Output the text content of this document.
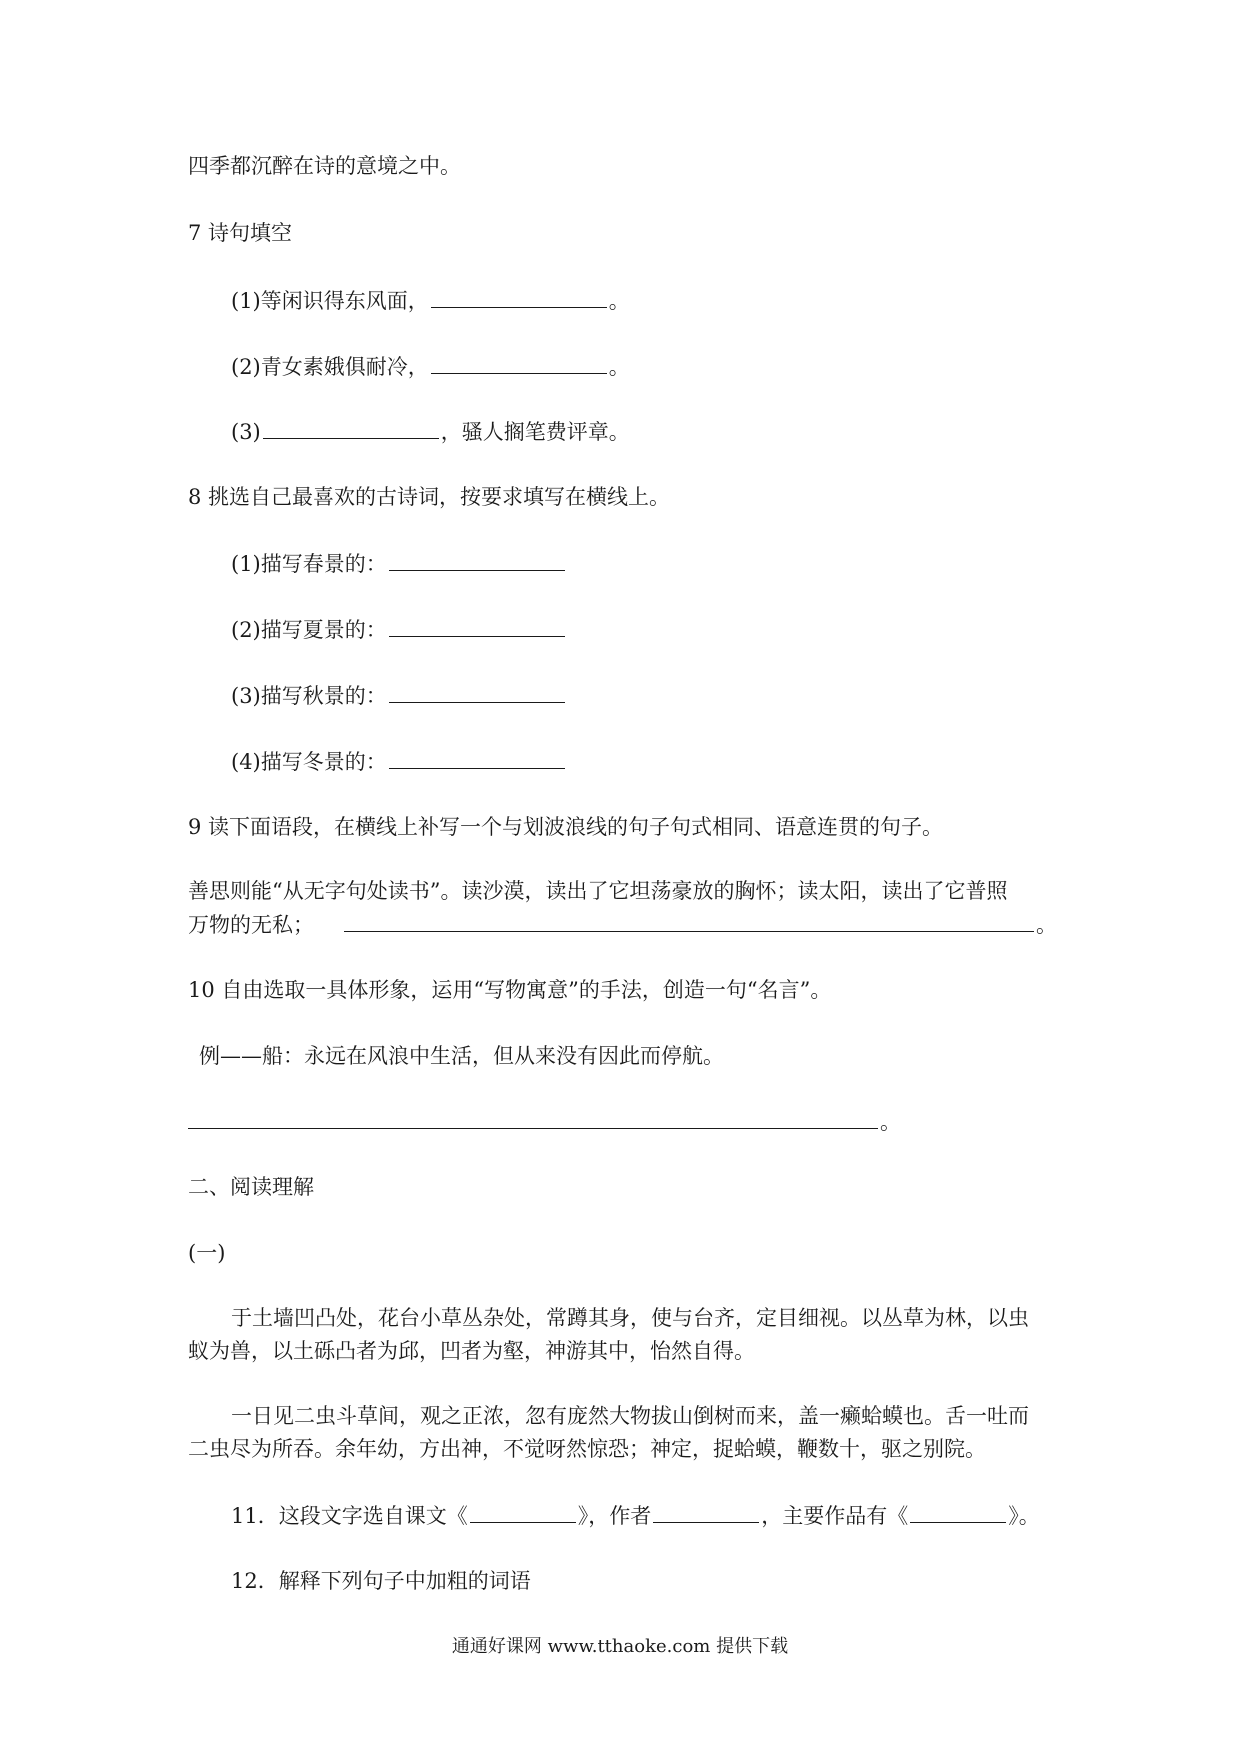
四季都沉醉在诗的意境之中。

7 诗句填空

(1)等闲识得东风面，	。

(2)青女素娥俱耐冷，	。

(3)	，骚人搁笔费评章。

8 挑选自己最喜欢的古诗词，按要求填写在横线上。

(1)描写春景的：

(2)描写夏景的：

(3)描写秋景的：

(4)描写冬景的：

9 读下面语段，在横线上补写一个与划波浪线的句子句式相同、语意连贯的句子。

善思则能“从无字句处读书”。读沙漠，读出了它坦荡豪放的胸怀；读太阳，读出了它普照

万物的无私；	。

10 自由选取一具体形象，运用“写物寓意”的手法，创造一句“名言”。

例——船：永远在风浪中生活，但从来没有因此而停航。

。

二、阅读理解

(一)

于土墙凹凸处，花台小草丛杂处，常蹲其身，使与台齐，定目细视。以丛草为林，以虫

蚁为兽，以土砾凸者为邱，凹者为壑，神游其中，怡然自得。

一日见二虫斗草间，观之正浓，忽有庞然大物拔山倒树而来，盖一癞蛤蟆也。舌一吐而

二虫尽为所吞。余年幼，方出神，不觉呀然惊恐；神定，捉蛤蟆，鞭数十，驱之别院。

11．这段文字选自课文《	》，作者	，主要作品有《	》。

12．解释下列句子中加粗的词语

通通好课网 www.tthaoke.com 提供下载
